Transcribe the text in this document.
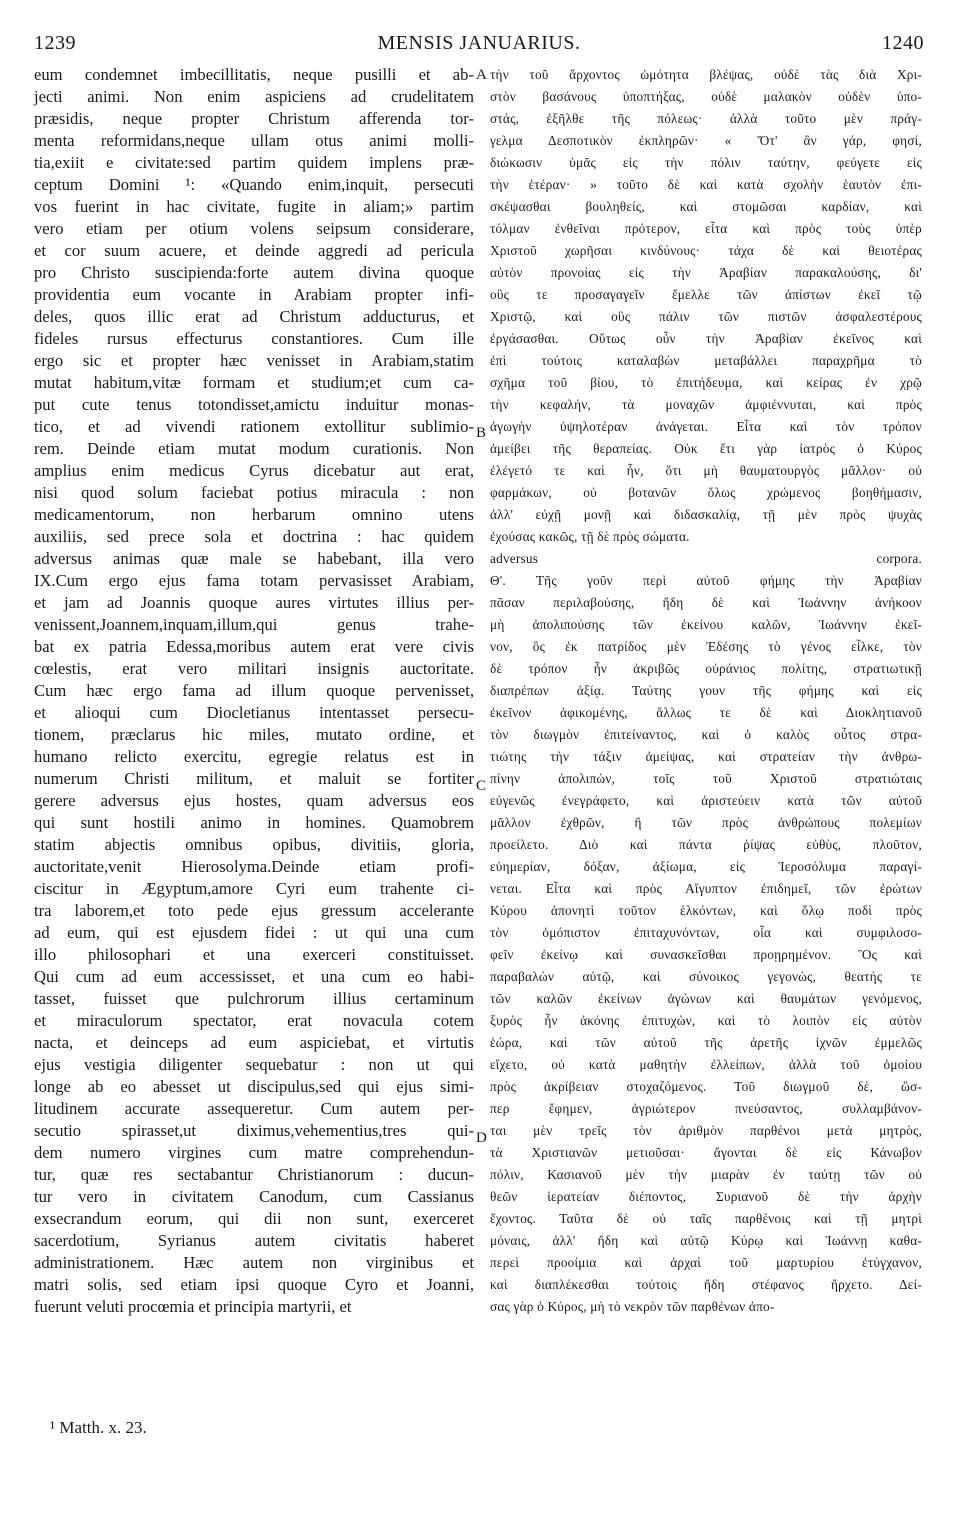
1239	MENSIS JANUARIUS.	1240
eum condemnet imbecillitatis, neque pusilli et ab-
jecti animi. Non enim aspiciens ad crudelitatem
præsidis, neque propter Christum afferenda tor-
menta reformidans,neque ullam otus animi molli-
tia,exiit e civitate:sed partim quidem implens præ-
ceptum Domini ¹: «Quando enim,inquit, persecuti
vos fuerint in hac civitate, fugite in aliam;» partim
vero etiam per otium volens seipsum considerare,
et cor suum acuere, et deinde aggredi ad pericula
pro Christo suscipienda:forte autem divina quoque
providentia eum vocante in Arabiam propter infi-
deles, quos illic erat ad Christum adducturus, et
fideles rursus effecturus constantiores. Cum ille
ergo sic et propter hæc venisset in Arabiam,statim
mutat habitum,vitæ formam et studium;et cum ca-
put cute tenus totondisset,amictu induitur monas-
tico, et ad vivendi rationem extollitur sublimio-
rem. Deinde etiam mutat modum curationis. Non
amplius enim medicus Cyrus dicebatur aut erat,
nisi quod solum faciebat potius miracula : non
medicamentorum, non herbarum omnino utens
auxiliis, sed prece sola et doctrina : hac quidem
adversus animas quæ male se habebant, illa vero
IX.Cum ergo ejus fama totam pervasisset Arabiam,
et jam ad Joannis quoque aures virtutes illius per-
venissent,Joannem,inquam,illum,qui genus trahe-
bat ex patria Edessa,moribus autem erat vere civis
cœlestis, erat vero militari insignis auctoritate.
Cum hæc ergo fama ad illum quoque pervenisset,
et alioqui cum Diocletianus intentasset persecu-
tionem, præclarus hic miles, mutato ordine, et
humano relicto exercitu, egregie relatus est in
numerum Christi militum, et maluit se fortiter
gerere adversus ejus hostes, quam adversus eos
qui sunt hostili animo in homines. Quamobrem
statim abjectis omnibus opibus, divitiis, gloria,
auctoritate,venit Hierosolyma.Deinde etiam profi-
ciscitur in Ægyptum,amore Cyri eum trahente ci-
tra laborem,et toto pede ejus gressum accelerante
ad eum, qui est ejusdem fidei : ut qui una cum
illo philosophari et una exerceri constituisset.
Qui cum ad eum accessisset, et una cum eo habi-
tasset, fuisset que pulchrorum illius certaminum
et miraculorum spectator, erat novacula cotem
nacta, et deinceps ad eum aspiciebat, et virtutis
ejus vestigia diligenter sequebatur : non ut qui
longe ab eo abesset ut discipulus,sed qui ejus simi-
litudinem accurate assequeretur. Cum autem per-
secutio spirasset,ut diximus,vehementius,tres qui-
dem numero virgines cum matre comprehendun-
tur, quæ res sectabantur Christianorum : ducun-
tur vero in civitatem Canodum, cum Cassianus
exsecrandum eorum, qui dii non sunt, exerceret
sacerdotium, Syrianus autem civitatis haberet
administrationem. Hæc autem non virginibus et
matri solis, sed etiam ipsi quoque Cyro et Joanni,
fuerunt veluti procœmia et principia martyrii, et
τὴν τοῦ ἄρχοντος ὠμότητα βλέψας, οὐδὲ τὰς διὰ Χρι-
στὸν βασάνους ὑποπτήξας, οὐδὲ μαλακὸν οὐδὲν ὑπο-
στάς, ἐξῆλθε τῆς πόλεως· ἀλλὰ τοῦτο μὲν πράγ-
γελμα Δεσποτικὸν ἐκπληρῶν· « Ὅτ' ἂν γάρ, φησί,
διώκωσιν ὑμᾶς εἰς τὴν πόλιν ταύτην, φεύγετε εἰς
τὴν ἑτέραν· » τοῦτο δὲ καὶ κατὰ σχολὴν ἑαυτὸν ἐπι-
σκέψασθαι βουληθείς, καὶ στομῶσαι καρδίαν, καὶ
τόλμαν ἐνθεῖναι πρότερον, εἶτα καὶ πρὸς τοὺς ὑπὲρ
Χριστοῦ χωρῆσαι κινδύνους· τάχα δὲ καὶ θειοτέρας
αὐτὸν προνοίας εἰς τὴν Ἀραβίαν παρακαλούσης, δι'
οὓς τε προσαγαγεῖν ἔμελλε τῶν ἀπίστων ἐκεῖ τῷ
Χριστῷ, καὶ οὓς πάλιν τῶν πιστῶν ἀσφαλεστέρους
ἐργάσασθαι. Οὕτως οὖν τὴν Ἀραβίαν ἐκεῖνος καὶ
ἐπὶ τούτοις καταλαβὼν μεταβάλλει παραχρῆμα τὸ
σχῆμα τοῦ βίου, τὸ ἐπιτήδευμα, καὶ κείρας ἐν χρῷ
τὴν κεφαλήν, τὰ μοναχῶν ἀμφιέννυται, καὶ πρὸς
ἀγωγὴν ὑψηλοτέραν ἀνάγεται. Εἶτα καὶ τὸν τρόπον
ἀμείβει τῆς θεραπείας. Οὐκ ἔτι γὰρ ἰατρὸς ὁ Κύρος
ἐλέγετό τε καὶ ἦν, ὅτι μὴ θαυματουργὸς μᾶλλον· οὐ
φαρμάκων, οὐ βοτανῶν ὅλως χρώμενος βοηθήμασιν,
ἀλλ' εὐχῇ μονῇ καὶ διδασκαλίᾳ, τῇ μὲν πρὸς ψυχὰς
ἐχούσας κακῶς, τῇ δὲ πρὸς σώματα.
adversus corpora.
Θ'. Τῆς γοῦν περὶ αὐτοῦ φήμης τὴν Ἀραβίαν
πᾶσαν περιλαβούσης, ἤδη δὲ καὶ Ἰωάννην ἀνήκοον
μὴ ἀπολιπούσης τῶν ἐκείνου καλῶν, Ἰωάννην ἐκεῖ-
νον, ὃς ἐκ πατρίδος μὲν Ἐδέσης τὸ γένος εἷλκε, τὸν
δὲ τρόπον ἦν ἀκριβῶς οὐράνιος πολίτης, στρατιωτικῇ
διαπρέπων ἀξίᾳ. Ταύτης γουν τῆς φήμης καὶ εἰς
ἐκεῖνον ἀφικομένης, ἄλλως τε δὲ καὶ Διοκλητιανοῦ
τὸν διωγμὸν ἐπιτείναντος, καὶ ὁ καλὸς οὗτος στρα-
τιώτης τὴν τάξιν ἀμείψας, καὶ στρατείαν τὴν ἀνθρω-
πίνην ἀπολιπὼν, τοῖς τοῦ Χριστοῦ στρατιώταις
εὐγενῶς ἐνεγράφετο, καὶ ἀριστεύειν κατὰ τῶν αὐτοῦ
μᾶλλον ἐχθρῶν, ἢ τῶν πρὸς ἀνθρώπους πολεμίων
προείλετο. Διὸ καὶ πάντα ῥίψας εὐθὺς, πλοῦτον,
εὐημερίαν, δόξαν, ἀξίωμα, εἰς Ἱεροσόλυμα παραγί-
νεται. Εἶτα καὶ πρὸς Αἴγυπτον ἐπιδημεῖ, τῶν ἐρώτων
Κύρου ἀπονητὶ τοῦτον ἑλκόντων, καὶ ὅλῳ ποδὶ πρὸς
τὸν ὁμόπιστον ἐπιταχυνόντων, οἷα καὶ συμφιλοσο-
φεῖν ἐκείνῳ καὶ συνασκεῖσθαι προῃρημένον. Ὃς καὶ
παραβαλὼν αὐτῷ, καὶ σύνοικος γεγονὼς, θεατής τε
τῶν καλῶν ἐκείνων ἀγώνων καὶ θαυμάτων γενόμενος,
ξυρὸς ἦν ἀκόνης ἐπιτυχὼν, καὶ τὸ λοιπὸν εἰς αὐτὸν
ἑώρα, καὶ τῶν αὐτοῦ τῆς ἀρετῆς ἰχνῶν ἐμμελῶς
εἴχετο, οὐ κατὰ μαθητὴν ἐλλείπων, ἀλλὰ τοῦ ὁμοίου
πρὸς ἀκρίβειαν στοχαζόμενος. Τοῦ διωγμοῦ δὲ, ὥσ-
περ ἔφημεν, ἀγριώτερον πνεύσαντος, συλλαμβάνον-
ται μὲν τρεῖς τὸν ἀριθμὸν παρθένοι μετὰ μητρὸς,
τὰ Χριστιανῶν μετιοῦσαι· ἄγονται δὲ εἰς Κάνωβον
πόλιν, Κασιανοῦ μὲν τὴν μιαρὰν ἐν ταύτῃ τῶν οὐ
θεῶν ἱερατείαν διέποντος, Συριανοῦ δὲ τὴν ἀρχὴν
ἔχοντος. Ταῦτα δὲ οὐ ταῖς παρθένοις καὶ τῇ μητρὶ
μόναις, ἀλλ' ἤδη καὶ αὐτῷ Κύρῳ καὶ Ἰωάννῃ καθα-
περεὶ προοίμια καὶ ἀρχαὶ τοῦ μαρτυρίου ἐτύγχανον,
καὶ διαπλέκεσθαι τούτοις ἤδη στέφανος ἤρχετο. Δεί-
σας γὰρ ὁ Κύρος, μὴ τὸ νεκρὸν τῶν παρθένων ἀπο-
A
B
C
D
¹ Matth. x. 23.
